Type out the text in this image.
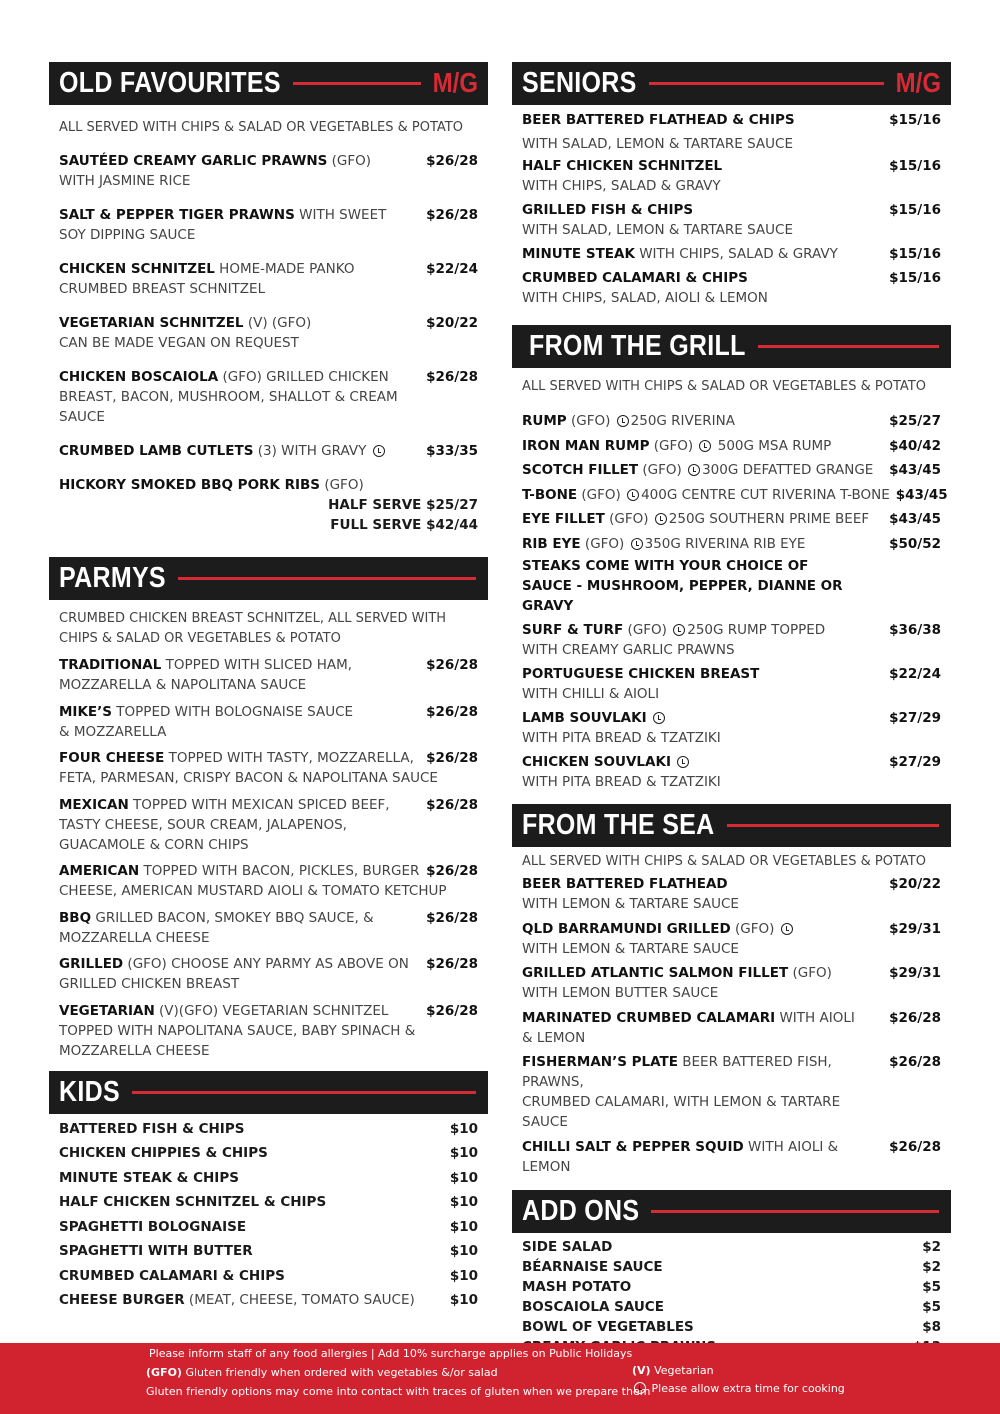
OLD FAVOURITES	M/G
ALL SERVED WITH CHIPS & SALAD OR VEGETABLES & POTATO
SAUTÉED CREAMY GARLIC PRAWNS (GFO)
WITH JASMINE RICE
$26/28
SALT & PEPPER TIGER PRAWNS WITH SWEET
SOY DIPPING SAUCE
$26/28
CHICKEN SCHNITZEL HOME-MADE PANKO
CRUMBED BREAST SCHNITZEL
$22/24
VEGETARIAN SCHNITZEL (V) (GFO)
CAN BE MADE VEGAN ON REQUEST
$20/22
CHICKEN BOSCAIOLA (GFO) GRILLED CHICKEN
BREAST, BACON, MUSHROOM, SHALLOT & CREAM SAUCE
$26/28
CRUMBED LAMB CUTLETS (3) WITH GRAVY	$33/35
HICKORY SMOKED BBQ PORK RIBS (GFO)
HALF SERVE $25/27
FULL SERVE $42/44
PARMYS
CRUMBED CHICKEN BREAST SCHNITZEL, ALL SERVED WITH CHIPS & SALAD OR VEGETABLES & POTATO
TRADITIONAL TOPPED WITH SLICED HAM,
MOZZARELLA & NAPOLITANA SAUCE
$26/28
MIKE’S TOPPED WITH BOLOGNAISE SAUCE
& MOZZARELLA
$26/28
FOUR CHEESE TOPPED WITH TASTY, MOZZARELLA,
FETA, PARMESAN, CRISPY BACON & NAPOLITANA SAUCE
$26/28
MEXICAN TOPPED WITH MEXICAN SPICED BEEF,
TASTY CHEESE, SOUR CREAM, JALAPENOS,
GUACAMOLE & CORN CHIPS
$26/28
AMERICAN TOPPED WITH BACON, PICKLES, BURGER
CHEESE, AMERICAN MUSTARD AIOLI & TOMATO KETCHUP
$26/28
BBQ GRILLED BACON, SMOKEY BBQ SAUCE, &
MOZZARELLA CHEESE
$26/28
GRILLED (GFO) CHOOSE ANY PARMY AS ABOVE ON
GRILLED CHICKEN BREAST
$26/28
VEGETARIAN (V)(GFO) VEGETARIAN SCHNITZEL
TOPPED WITH NAPOLITANA SAUCE, BABY SPINACH &
MOZZARELLA CHEESE
$26/28
KIDS
BATTERED FISH & CHIPS	$10
CHICKEN CHIPPIES & CHIPS	$10
MINUTE STEAK & CHIPS	$10
HALF CHICKEN SCHNITZEL & CHIPS	$10
SPAGHETTI BOLOGNAISE	$10
SPAGHETTI WITH BUTTER	$10
CRUMBED CALAMARI & CHIPS	$10
CHEESE BURGER (MEAT, CHEESE, TOMATO SAUCE)	$10
SENIORS	M/G
BEER BATTERED FLATHEAD & CHIPS
WITH SALAD, LEMON & TARTARE SAUCE
$15/16
HALF CHICKEN SCHNITZEL
WITH CHIPS, SALAD & GRAVY
$15/16
GRILLED FISH & CHIPS
WITH SALAD, LEMON & TARTARE SAUCE
$15/16
MINUTE STEAK WITH CHIPS, SALAD & GRAVY	$15/16
CRUMBED CALAMARI & CHIPS
WITH CHIPS, SALAD, AIOLI & LEMON
$15/16
FROM THE GRILL
ALL SERVED WITH CHIPS & SALAD OR VEGETABLES & POTATO
RUMP (GFO) 250G RIVERINA	$25/27
IRON MAN RUMP (GFO)  500G MSA RUMP	$40/42
SCOTCH FILLET (GFO) 300G DEFATTED GRANGE	$43/45
T-BONE (GFO) 400G CENTRE CUT RIVERINA T-BONE $43/45
EYE FILLET (GFO) 250G SOUTHERN PRIME BEEF	$43/45
RIB EYE (GFO) 350G RIVERINA RIB EYE	$50/52
STEAKS COME WITH YOUR CHOICE OF SAUCE - MUSHROOM, PEPPER, DIANNE OR GRAVY
SURF & TURF (GFO) 250G RUMP TOPPED
WITH CREAMY GARLIC PRAWNS
$36/38
PORTUGUESE CHICKEN BREAST
WITH CHILLI & AIOLI
$22/24
LAMB SOUVLAKI
WITH PITA BREAD & TZATZIKI
$27/29
CHICKEN SOUVLAKI
WITH PITA BREAD & TZATZIKI
$27/29
FROM THE SEA
ALL SERVED WITH CHIPS & SALAD OR VEGETABLES & POTATO
BEER BATTERED FLATHEAD
WITH LEMON & TARTARE SAUCE
$20/22
QLD BARRAMUNDI GRILLED (GFO)
WITH LEMON & TARTARE SAUCE
$29/31
GRILLED ATLANTIC SALMON FILLET (GFO)
WITH LEMON BUTTER SAUCE
$29/31
MARINATED CRUMBED CALAMARI WITH AIOLI
& LEMON
$26/28
FISHERMAN’S PLATE BEER BATTERED FISH, PRAWNS,
CRUMBED CALAMARI, WITH LEMON & TARTARE SAUCE
$26/28
CHILLI SALT & PEPPER SQUID WITH AIOLI & LEMON
$26/28
ADD ONS
SIDE SALAD	$2
BÉARNAISE SAUCE	$2
MASH POTATO	$5
BOSCAIOLA SAUCE	$5
BOWL OF VEGETABLES	$8
Please inform staff of any food allergies | Add 10% surcharge applies on Public Holidays
(GFO) Gluten friendly when ordered with vegetables &/or salad
Gluten friendly options may come into contact with traces of gluten when we prepare them
(V) Vegetarian
Please allow extra time for cooking
